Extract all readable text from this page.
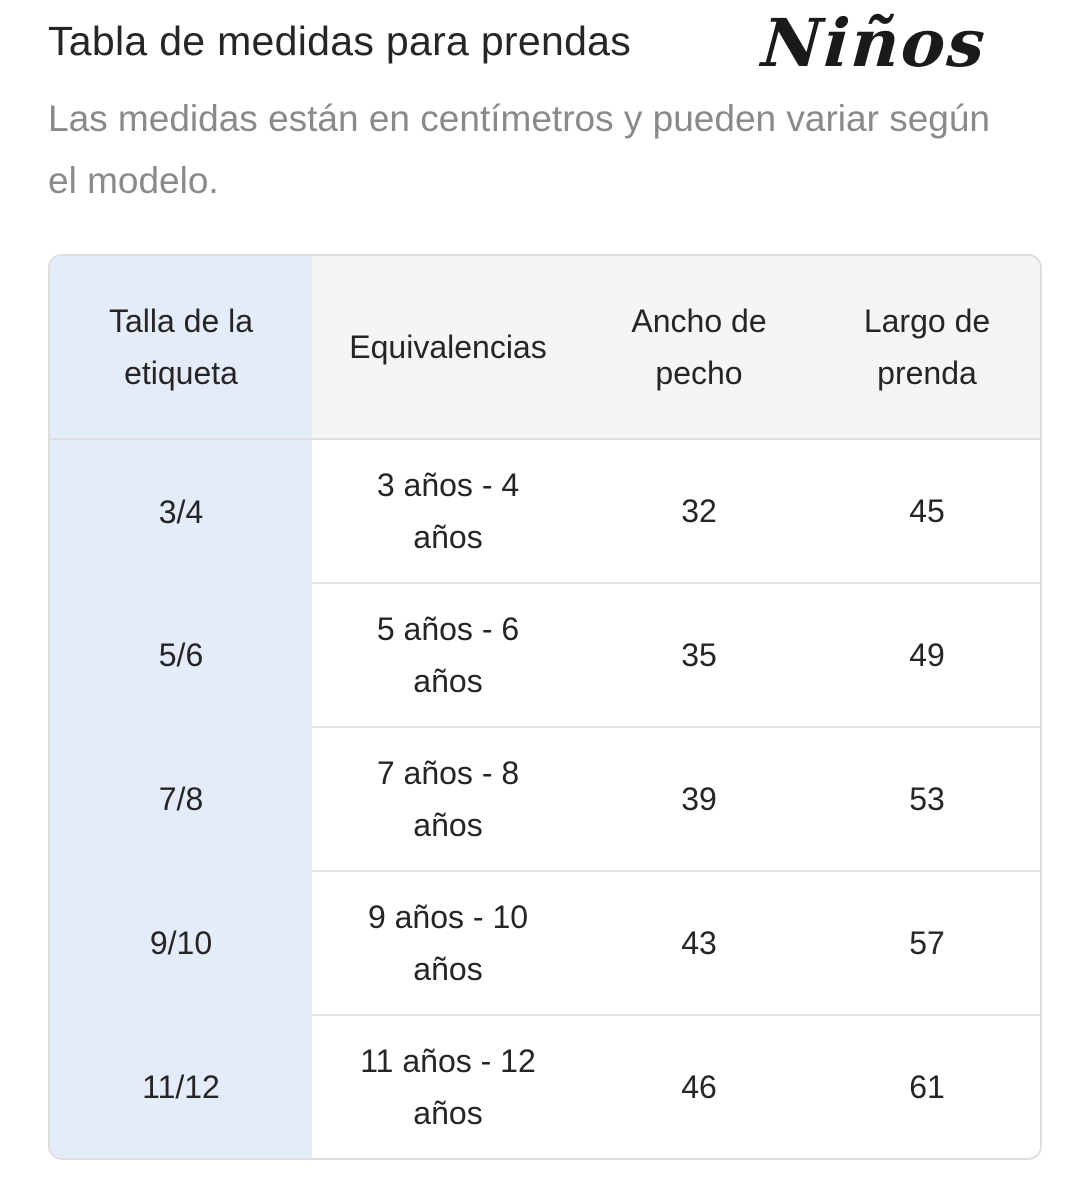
Tabla de medidas para prendas Niños
Las medidas están en centímetros y pueden variar según el modelo.
Talla de la etiqueta	Equivalencias	Ancho de pecho	Largo de prenda
3/4	3 años - 4 años	32	45
5/6	5 años - 6 años	35	49
7/8	7 años - 8 años	39	53
9/10	9 años - 10 años	43	57
11/12	11 años - 12 años	46	61
